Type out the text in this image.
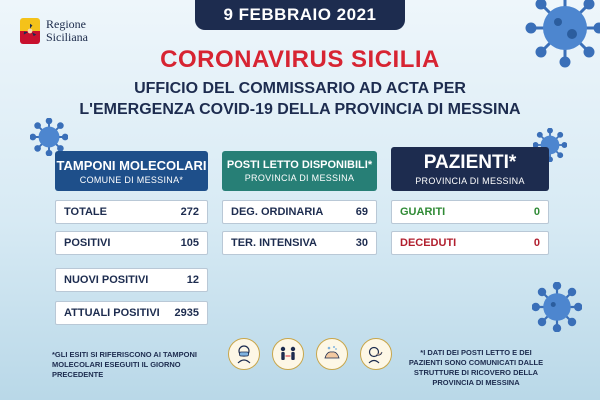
9 FEBBRAIO 2021
Regione
Siciliana
CORONAVIRUS SICILIA
UFFICIO DEL COMMISSARIO AD ACTA PER
L'EMERGENZA COVID-19 DELLA PROVINCIA DI MESSINA
TAMPONI MOLECOLARI
COMUNE DI MESSINA*
TOTALE	272
POSITIVI	105
NUOVI POSITIVI	12
ATTUALI POSITIVI 2935
POSTI LETTO DISPONIBILI*
PROVINCIA DI MESSINA
DEG. ORDINARIA	69
TER. INTENSIVA	30
PAZIENTI*
PROVINCIA DI MESSINA
GUARITI	0
DECEDUTI	0
*GLI ESITI SI RIFERISCONO AI TAMPONI MOLECOLARI ESEGUITI IL GIORNO PRECEDENTE
*I DATI DEI POSTI LETTO E DEI PAZIENTI SONO COMUNICATI DALLE STRUTTURE DI RICOVERO DELLA PROVINCIA DI MESSINA
